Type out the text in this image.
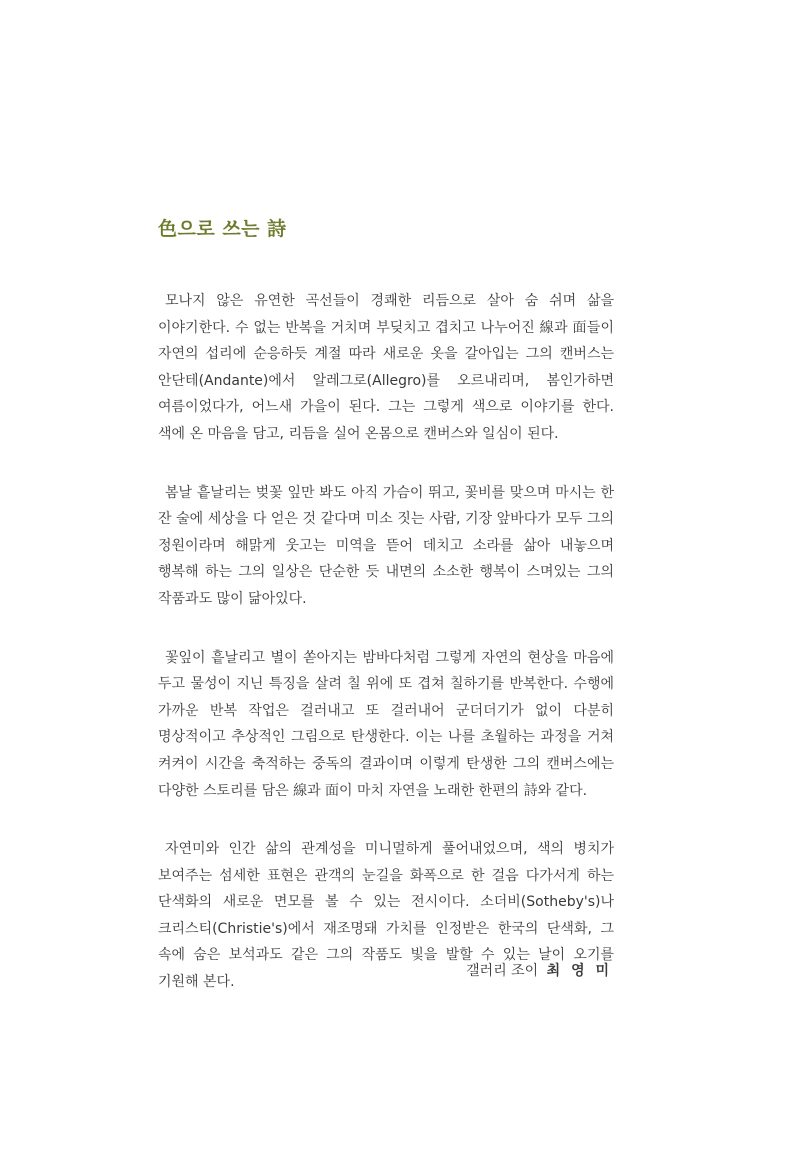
色으로 쓰는 詩

모나지 않은 유연한 곡선들이 경쾌한 리듬으로 살아 숨 쉬며 삶을 이야기한다. 수 없는 반복을 거치며 부딪치고 겹치고 나누어진 線과 面들이 자연의 섭리에 순응하듯 계절 따라 새로운 옷을 갈아입는 그의 캔버스는 안단테(Andante)에서 알레그로(Allegro)를 오르내리며, 봄인가하면 여름이었다가, 어느새 가을이 된다. 그는 그렇게 색으로 이야기를 한다. 색에 온 마음을 담고, 리듬을 실어 온몸으로 캔버스와 일심이 된다.

봄날 흩날리는 벚꽃 잎만 봐도 아직 가슴이 뛰고, 꽃비를 맞으며 마시는 한 잔 술에 세상을 다 얻은 것 같다며 미소 짓는 사람, 기장 앞바다가 모두 그의 정원이라며 해맑게 웃고는 미역을 뜯어 데치고 소라를 삶아 내놓으며 행복해 하는 그의 일상은 단순한 듯 내면의 소소한 행복이 스며있는 그의 작품과도 많이 닮아있다.

꽃잎이 흩날리고 별이 쏟아지는 밤바다처럼 그렇게 자연의 현상을 마음에 두고 물성이 지닌 특징을 살려 칠 위에 또 겹쳐 칠하기를 반복한다. 수행에 가까운 반복 작업은 걸러내고 또 걸러내어 군더더기가 없이 다분히 명상적이고 추상적인 그림으로 탄생한다. 이는 나를 초월하는 과정을 거쳐 켜켜이 시간을 축적하는 중독의 결과이며 이렇게 탄생한 그의 캔버스에는 다양한 스토리를 담은 線과 面이 마치 자연을 노래한 한편의 詩와 같다.

자연미와 인간 삶의 관계성을 미니멀하게 풀어내었으며, 색의 병치가 보여주는 섬세한 표현은 관객의 눈길을 화폭으로 한 걸음 다가서게 하는 단색화의 새로운 면모를 볼 수 있는 전시이다. 소더비(Sotheby's)나 크리스티(Christie's)에서 재조명돼 가치를 인정받은 한국의 단색화, 그 속에 숨은 보석과도 같은 그의 작품도 빛을 발할 수 있는 날이 오기를 기원해 본다.

갤러리 조이 최 영 미
